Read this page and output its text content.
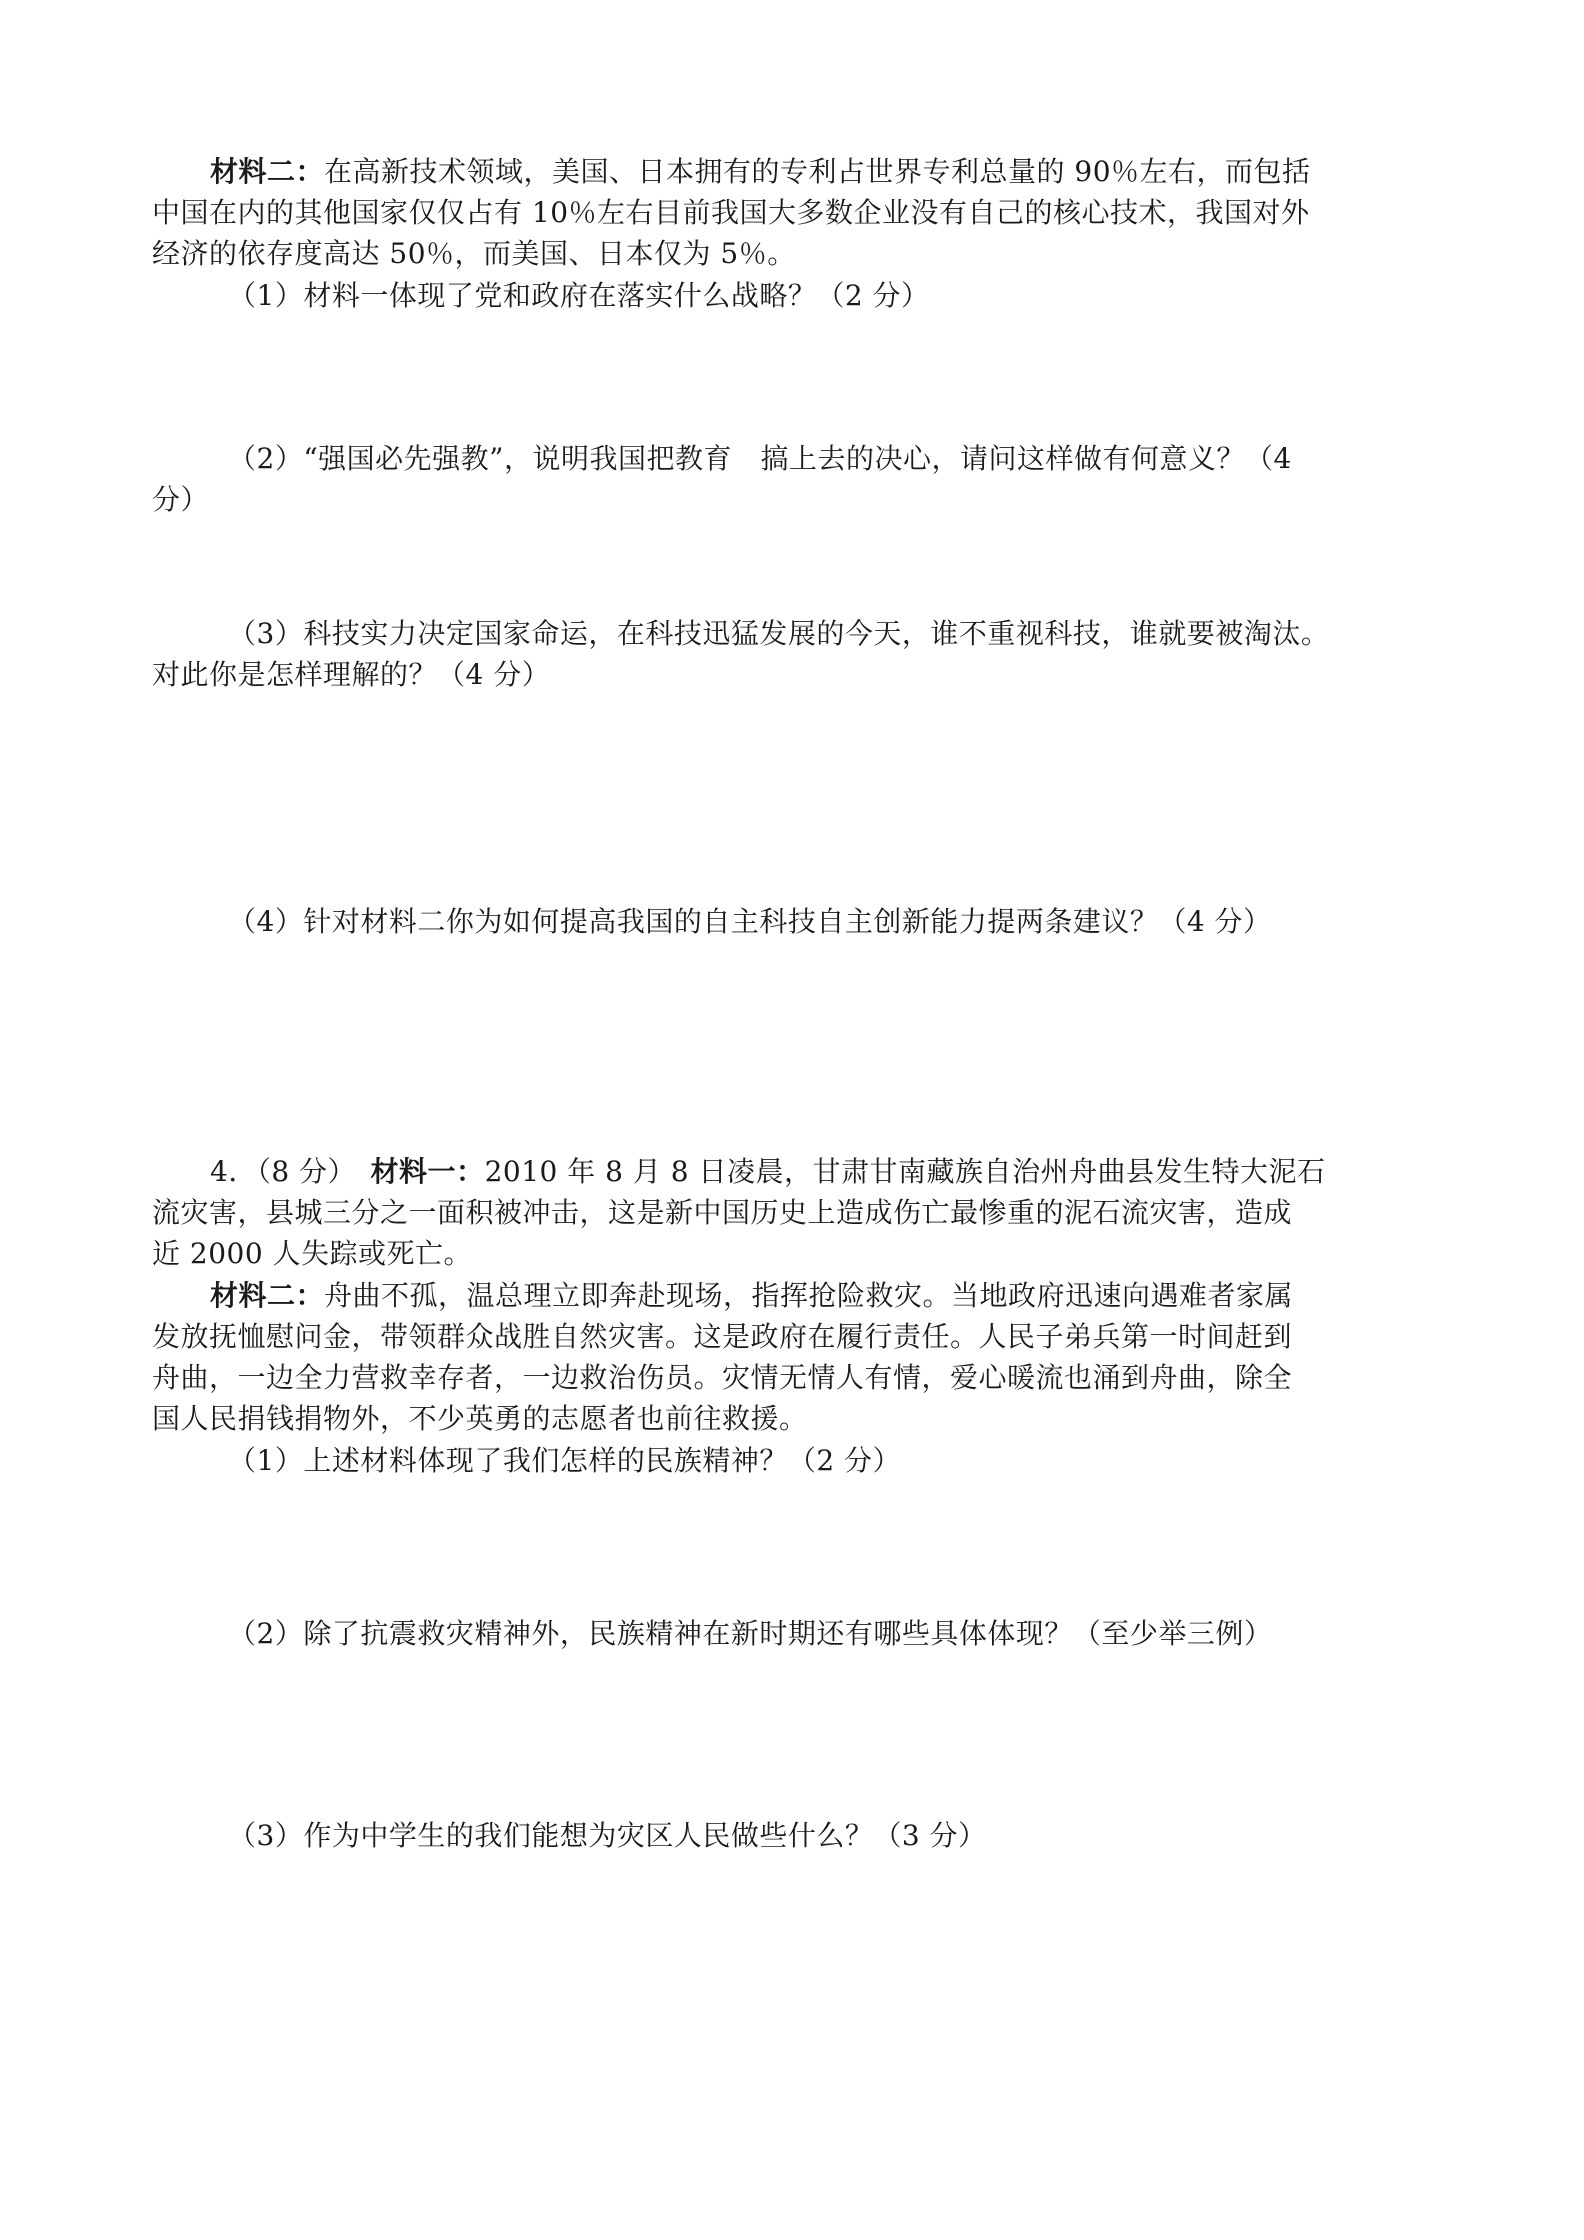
材料二：在高新技术领域，美国、日本拥有的专利占世界专利总量的 90％左右，而包括
中国在内的其他国家仅仅占有 10％左右目前我国大多数企业没有自己的核心技术，我国对外
经济的依存度高达 50％，而美国、日本仅为 5％。
（1）材料一体现了党和政府在落实什么战略？（2 分）
（2）“强国必先强教”，说明我国把教育　搞上去的决心，请问这样做有何意义？（4
分）
（3）科技实力决定国家命运，在科技迅猛发展的今天，谁不重视科技，谁就要被淘汰。
对此你是怎样理解的？（4 分）
（4）针对材料二你为如何提高我国的自主科技自主创新能力提两条建议？（4 分）
4．（8 分）　 材料一：2010 年 8 月 8 日凌晨，甘肃甘南藏族自治州舟曲县发生特大泥石
流灾害，县城三分之一面积被冲击，这是新中国历史上造成伤亡最惨重的泥石流灾害，造成
近 2000 人失踪或死亡。
材料二：舟曲不孤，温总理立即奔赴现场，指挥抢险救灾。当地政府迅速向遇难者家属
发放抚恤慰问金，带领群众战胜自然灾害。这是政府在履行责任。人民子弟兵第一时间赶到
舟曲，一边全力营救幸存者，一边救治伤员。灾情无情人有情，爱心暖流也涌到舟曲，除全
国人民捐钱捐物外，不少英勇的志愿者也前往救援。
（1）上述材料体现了我们怎样的民族精神？（2 分）
（2）除了抗震救灾精神外，民族精神在新时期还有哪些具体体现？（至少举三例）
（3）作为中学生的我们能想为灾区人民做些什么？（3 分）
